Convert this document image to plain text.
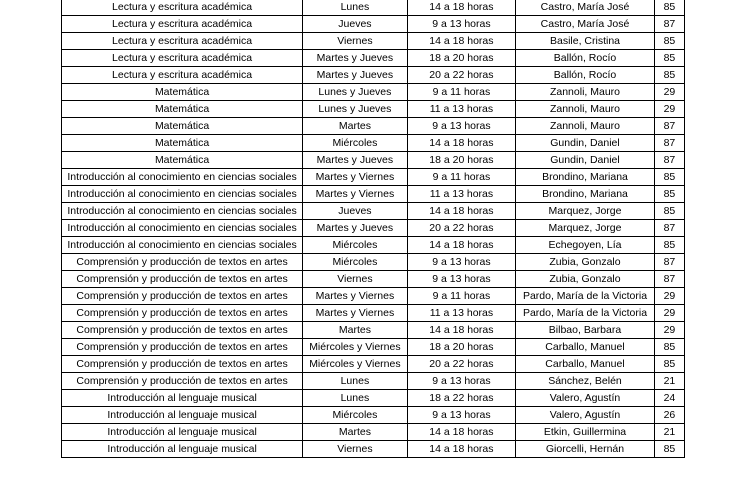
Lectura y escritura académica	Lunes	14 a 18 horas	Castro, María José	85
Lectura y escritura académica	Jueves	9 a 13 horas	Castro, María José	87
Lectura y escritura académica	Viernes	14 a 18 horas	Basile, Cristina	85
Lectura y escritura académica	Martes y Jueves	18 a 20 horas	Ballón, Rocío	85
Lectura y escritura académica	Martes y Jueves	20 a 22 horas	Ballón, Rocío	85
Matemática	Lunes y Jueves	9 a 11 horas	Zannoli, Mauro	29
Matemática	Lunes y Jueves	11 a 13 horas	Zannoli, Mauro	29
Matemática	Martes	9 a 13 horas	Zannoli, Mauro	87
Matemática	Miércoles	14 a 18 horas	Gundin, Daniel	87
Matemática	Martes y Jueves	18 a 20 horas	Gundin, Daniel	87
Introducción al conocimiento en ciencias sociales	Martes y Viernes	9 a 11 horas	Brondino, Mariana	85
Introducción al conocimiento en ciencias sociales	Martes y Viernes	11 a 13 horas	Brondino, Mariana	85
Introducción al conocimiento en ciencias sociales	Jueves	14 a 18 horas	Marquez, Jorge	85
Introducción al conocimiento en ciencias sociales	Martes y Jueves	20 a 22 horas	Marquez, Jorge	87
Introducción al conocimiento en ciencias sociales	Miércoles	14 a 18 horas	Echegoyen, Lía	85
Comprensión y producción de textos en artes	Miércoles	9 a 13 horas	Zubia, Gonzalo	87
Comprensión y producción de textos en artes	Viernes	9 a 13 horas	Zubia, Gonzalo	87
Comprensión y producción de textos en artes	Martes y Viernes	9 a 11 horas	Pardo, María de la Victoria	29
Comprensión y producción de textos en artes	Martes y Viernes	11 a 13 horas	Pardo, María de la Victoria	29
Comprensión y producción de textos en artes	Martes	14 a 18 horas	Bilbao, Barbara	29
Comprensión y producción de textos en artes	Miércoles y Viernes	18 a 20 horas	Carballo, Manuel	85
Comprensión y producción de textos en artes	Miércoles y Viernes	20 a 22 horas	Carballo, Manuel	85
Comprensión y producción de textos en artes	Lunes	9 a 13 horas	Sánchez, Belén	21
Introducción al lenguaje musical	Lunes	18 a 22 horas	Valero, Agustín	24
Introducción al lenguaje musical	Miércoles	9 a 13 horas	Valero, Agustín	26
Introducción al lenguaje musical	Martes	14 a 18 horas	Etkin, Guillermina	21
Introducción al lenguaje musical	Viernes	14 a 18 horas	Giorcelli, Hernán	85
